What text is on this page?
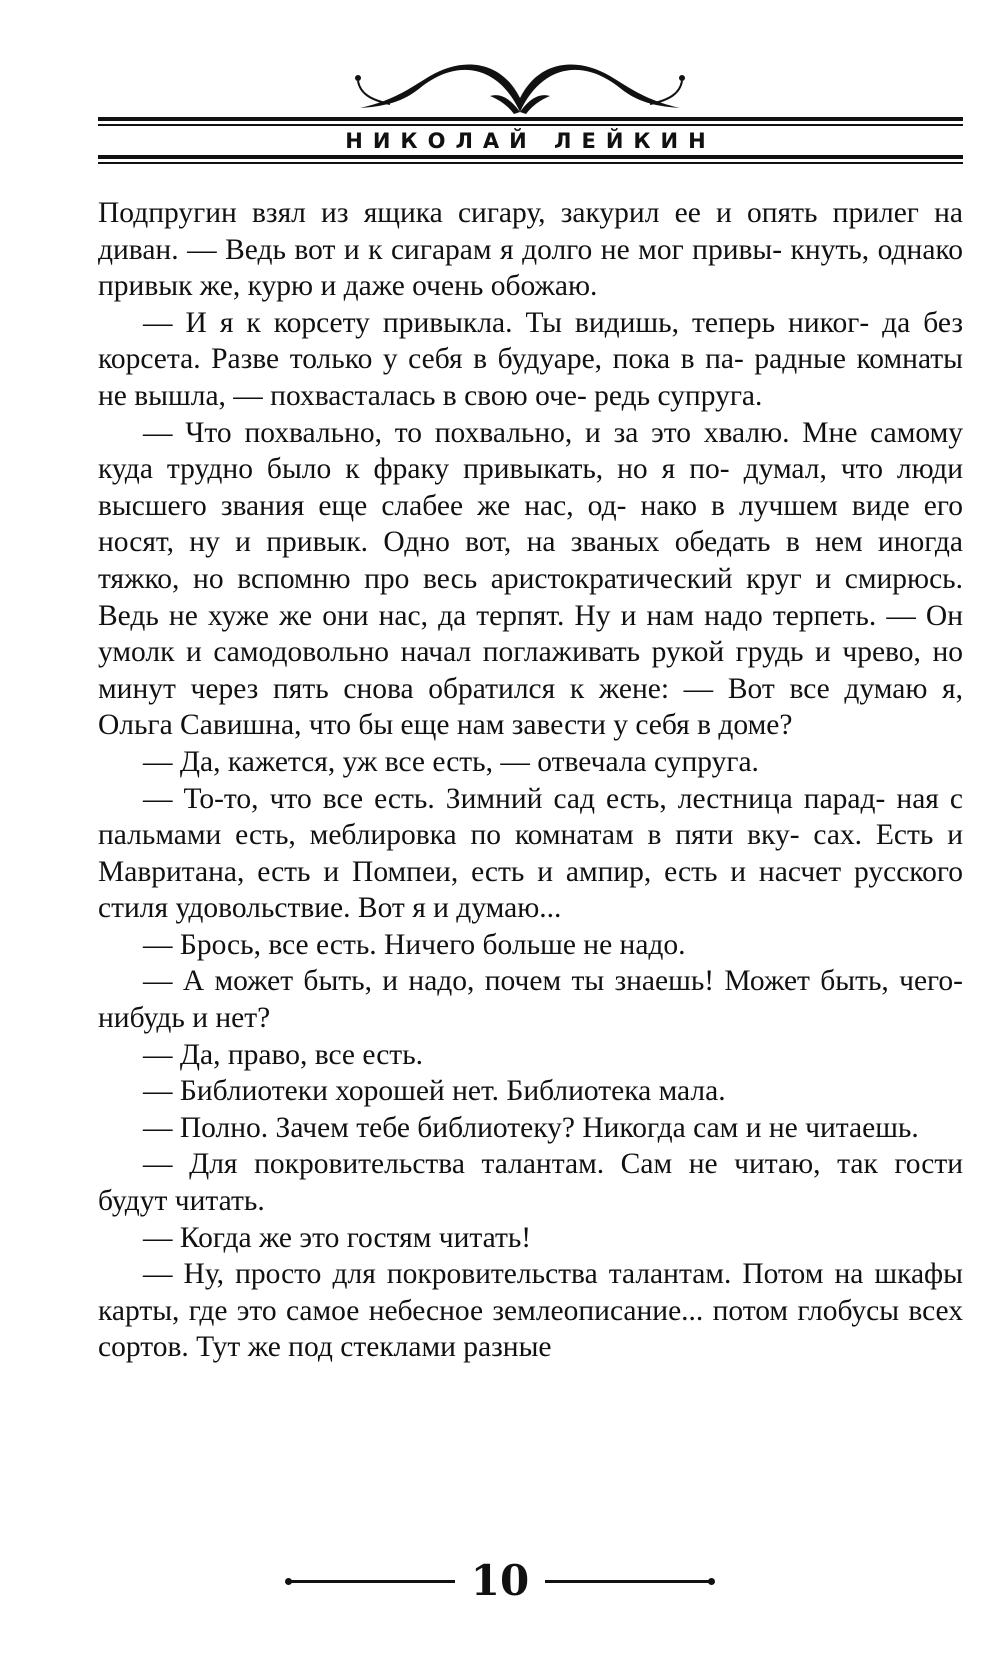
НИКОЛАЙ ЛЕЙКИН

Подпругин взял из ящика сигару, закурил ее и опять прилег на диван. — Ведь вот и к сигарам я долго не мог привы- кнуть, однако привык же, курю и даже очень обожаю.

— И я к корсету привыкла. Ты видишь, теперь никог- да без корсета. Разве только у себя в будуаре, пока в па- радные комнаты не вышла, — похвасталась в свою оче- редь супруга.

— Что похвально, то похвально, и за это хвалю. Мне самому куда трудно было к фраку привыкать, но я по- думал, что люди высшего звания еще слабее же нас, од- нако в лучшем виде его носят, ну и привык. Одно вот, на званых обедать в нем иногда тяжко, но вспомню про весь аристократический круг и смирюсь. Ведь не хуже же они нас, да терпят. Ну и нам надо терпеть. — Он умолк и самодовольно начал поглаживать рукой грудь и чрево, но минут через пять снова обратился к жене: — Вот все думаю я, Ольга Савишна, что бы еще нам завести у себя в доме?

— Да, кажется, уж все есть, — отвечала супруга.

— То-то, что все есть. Зимний сад есть, лестница парад- ная с пальмами есть, меблировка по комнатам в пяти вку- сах. Есть и Мавритана, есть и Помпеи, есть и ампир, есть и насчет русского стиля удовольствие. Вот я и думаю...

— Брось, все есть. Ничего больше не надо.

— А может быть, и надо, почем ты знаешь! Может быть, чего-нибудь и нет?

— Да, право, все есть.

— Библиотеки хорошей нет. Библиотека мала.

— Полно. Зачем тебе библиотеку? Никогда сам и не читаешь.

— Для покровительства талантам. Сам не читаю, так гости будут читать.

— Когда же это гостям читать!

— Ну, просто для покровительства талантам. Потом на шкафы карты, где это самое небесное землеописание... потом глобусы всех сортов. Тут же под стеклами разные

10
